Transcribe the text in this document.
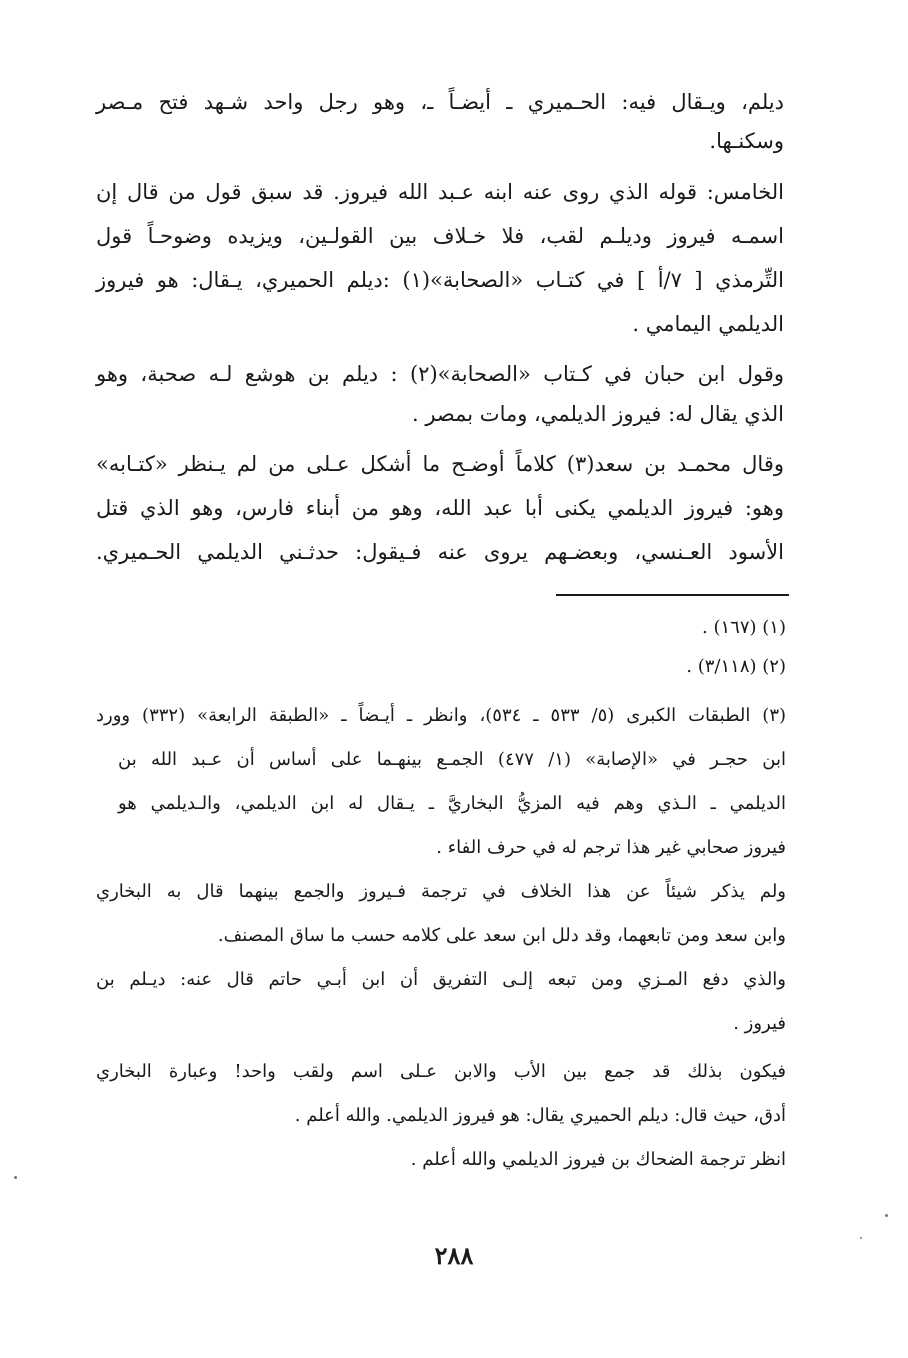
ديلم، ويـقال فيه: الحـميري ـ أيضـاً ـ، وهو رجل واحد شـهد فتح مـصر
وسكنـها.
الخامس: قوله الذي روى عنه ابنه عـبد الله فيروز. قد سبق قول من قال إن
اسمـه فيروز وديلـم لقب، فلا خـلاف بين القولـين، ويزيده وضوحـاً قول
التِّرمذي [ ٧/أ ] في كتـاب «الصحابة»(١) :ديلم الحميري، يـقال: هو فيروز
الديلمي اليمامي .
وقول ابن حبان في كـتاب «الصحابة»(٢) : ديلم بن هوشع لـه صحبة، وهو
الذي يقال له: فيروز الديلمي، ومات بمصر .
وقال محمـد بن سعد(٣) كلاماً أوضـح ما أشكل عـلى من لم يـنظر «كتـابه»
وهو: فيروز الديلمي يكنى أبا عبد الله، وهو من أبناء فارس، وهو الذي قتل
الأسود العـنسي، وبعضـهم يروى عنه فـيقول: حدثـني الديلمي الحـميري.
(١) (١٦٧) .
(٢) (٣/١١٨) .
(٣) الطبقات الكبرى (٥/ ٥٣٣ ـ ٥٣٤)، وانظر ـ أيـضاً ـ «الطبقة الرابعة» (٣٣٢) وورد
ابن حجـر في «الإصابة» (١/ ٤٧٧) الجمـع بينهـما على أساس أن عـبد الله بن
الديلمي ـ الـذي وهم فيه المزيُّ البخاريَّ ـ يـقال له ابن الديلمي، والـديلمي هو
فيروز صحابي غير هذا ترجم له في حرف الفاء .
ولم يذكر شيئاً عن هذا الخلاف في ترجمة فـيروز والجمع بينهما قال به البخاري
وابن سعد ومن تابعهما، وقد دلل ابن سعد على كلامه حسب ما ساق المصنف.
والذي دفع المـزي ومن تبعه إلـى التفريق أن ابن أبـي حاتم قال عنه: ديـلم بن
فيروز .
فيكون بذلك قد جمع بين الأب والابن عـلى اسم ولقب واحد! وعبارة البخاري
أدق، حيث قال: ديلم الحميري يقال: هو فيروز الديلمي. والله أعلم .
انظر ترجمة الضحاك بن فيروز الديلمي والله أعلم .
٢٨٨
